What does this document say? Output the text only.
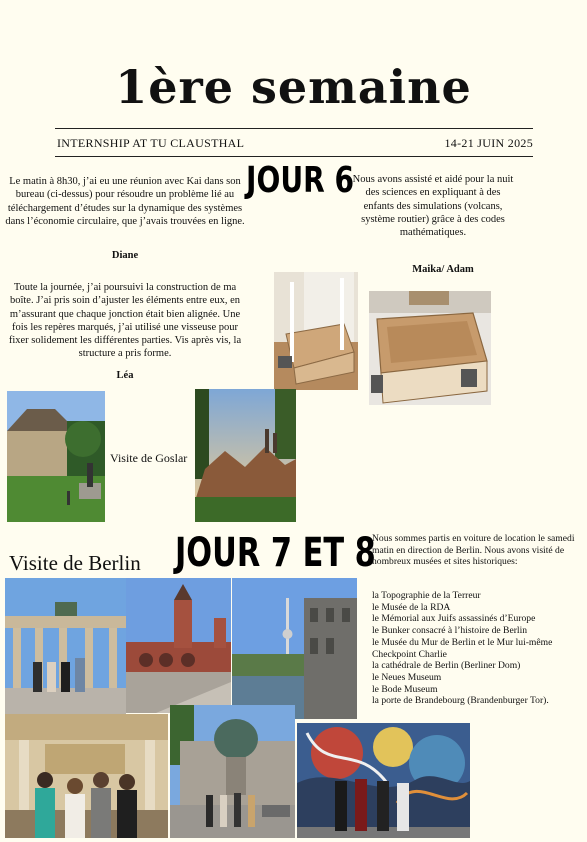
1ère semaine
INTERNSHIP AT TU CLAUSTHAL	14-21 JUIN 2025
JOUR 6
Le matin à 8h30, j’ai eu une réunion avec Kai dans son bureau (ci-dessus) pour résoudre un problème lié au téléchargement d’études sur la dynamique des systèmes dans l’économie circulaire, que j’avais trouvées en ligne.
Diane
Toute la journée, j’ai poursuivi la construction de ma boîte. J’ai pris soin d’ajuster les éléments entre eux, en m’assurant que chaque jonction était bien alignée. Une fois les repères marqués, j’ai utilisé une visseuse pour fixer solidement les différentes parties. Vis après vis, la structure a pris forme.
Léa
Nous avons assisté et aidé pour la nuit des sciences en expliquant à des enfants des simulations (volcans, système routier) grâce à des codes mathématiques.
Maika/ Adam
Visite de Goslar
Visite de Berlin JOUR 7 ET 8
Nous sommes partis en voiture de location le samedi matin en direction de Berlin. Nous avons visité de nombreux musées et sites historiques:
la Topographie de la Terreur
le Musée de la RDA
le Mémorial aux Juifs assassinés d’Europe
le Bunker consacré à l’histoire de Berlin
le Musée du Mur de Berlin et le Mur lui-même
Checkpoint Charlie
la cathédrale de Berlin (Berliner Dom)
le Neues Museum
le Bode Museum
la porte de Brandebourg (Brandenburger Tor).
